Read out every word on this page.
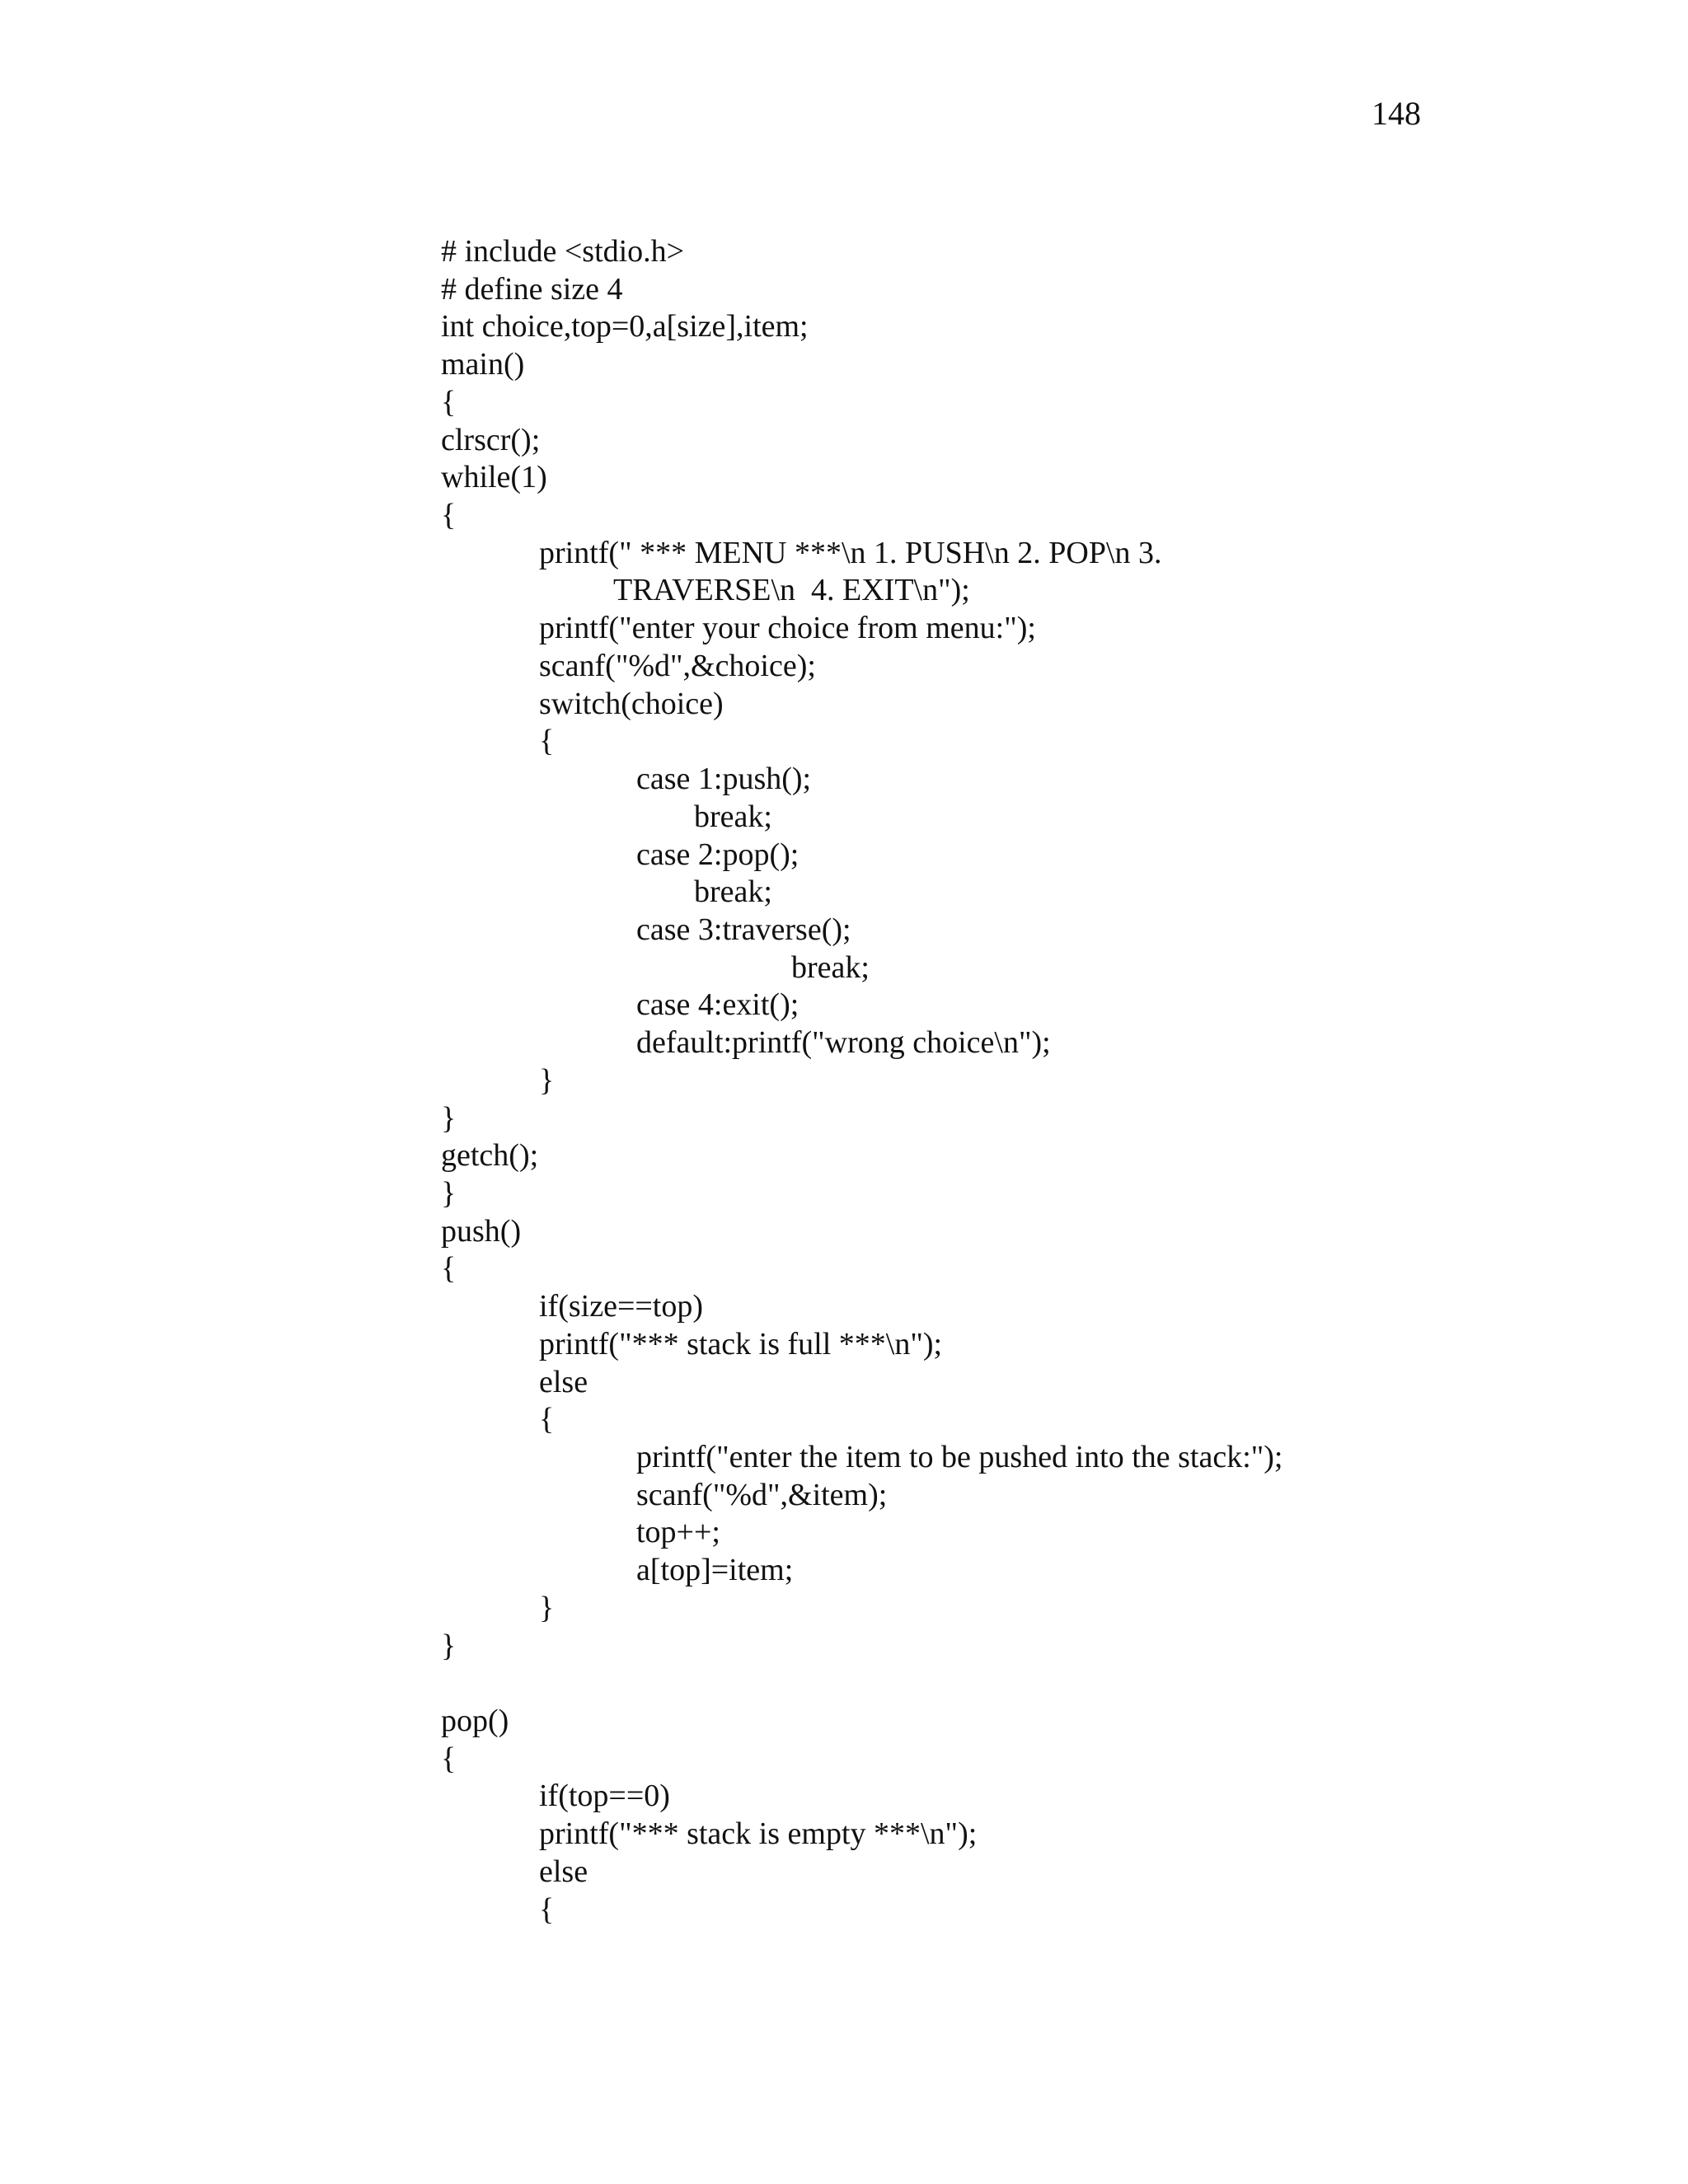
148
# include <stdio.h>
# define size 4
int choice,top=0,a[size],item;
main()
{
clrscr();
while(1)
{
printf(" *** MENU ***\n 1. PUSH\n 2. POP\n 3.
TRAVERSE\n  4. EXIT\n");
printf("enter your choice from menu:");
scanf("%d",&choice);
switch(choice)
{
case 1:push();
break;
case 2:pop();
break;
case 3:traverse();
break;
case 4:exit();
default:printf("wrong choice\n");
}
}
getch();
}
push()
{
if(size==top)
printf("*** stack is full ***\n");
else
{
printf("enter the item to be pushed into the stack:");
scanf("%d",&item);
top++;
a[top]=item;
}
}
pop()
{
if(top==0)
printf("*** stack is empty ***\n");
else
{
